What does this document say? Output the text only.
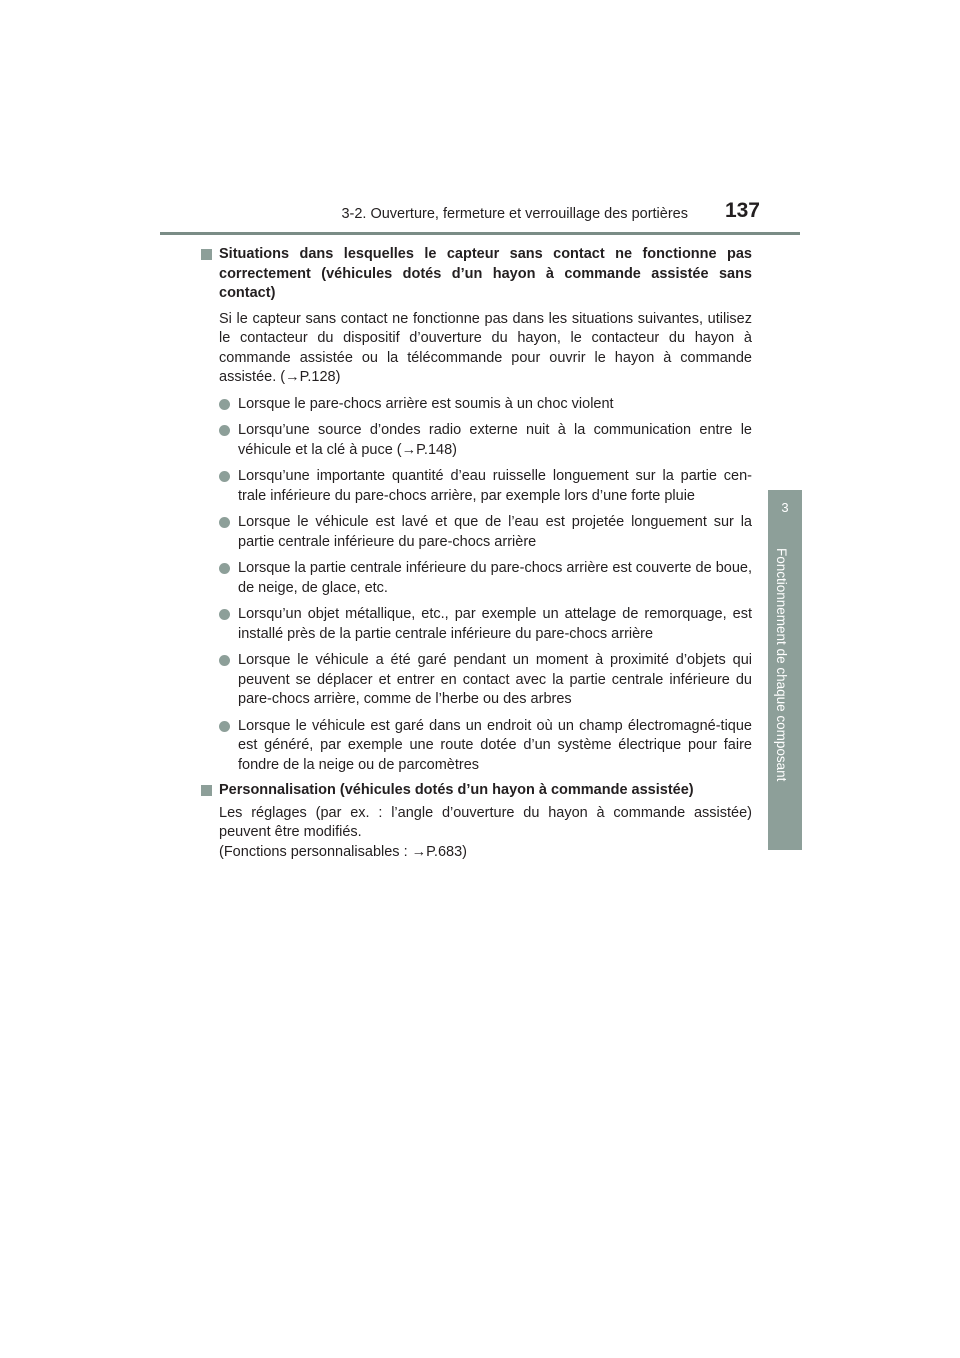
3-2. Ouverture, fermeture et verrouillage des portières	137
3
Fonctionnement de chaque composant

Situations dans lesquelles le capteur sans contact ne fonctionne pas correctement (véhicules dotés d’un hayon à commande assistée sans contact)

Si le capteur sans contact ne fonctionne pas dans les situations suivantes, utilisez le contacteur du dispositif d’ouverture du hayon, le contacteur du hayon à commande assistée ou la télécommande pour ouvrir le hayon à commande assistée. (→P.128)

Lorsque le pare-chocs arrière est soumis à un choc violent
Lorsqu’une source d’ondes radio externe nuit à la communication entre le véhicule et la clé à puce (→P.148)
Lorsqu’une importante quantité d’eau ruisselle longuement sur la partie cen-trale inférieure du pare-chocs arrière, par exemple lors d’une forte pluie
Lorsque le véhicule est lavé et que de l’eau est projetée longuement sur la partie centrale inférieure du pare-chocs arrière
Lorsque la partie centrale inférieure du pare-chocs arrière est couverte de boue, de neige, de glace, etc.
Lorsqu’un objet métallique, etc., par exemple un attelage de remorquage, est installé près de la partie centrale inférieure du pare-chocs arrière
Lorsque le véhicule a été garé pendant un moment à proximité d’objets qui peuvent se déplacer et entrer en contact avec la partie centrale inférieure du pare-chocs arrière, comme de l’herbe ou des arbres
Lorsque le véhicule est garé dans un endroit où un champ électromagné-tique est généré, par exemple une route dotée d’un système électrique pour faire fondre de la neige ou de parcomètres

Personnalisation (véhicules dotés d’un hayon à commande assistée)

Les réglages (par ex. : l’angle d’ouverture du hayon à commande assistée) peuvent être modifiés.

(Fonctions personnalisables : →P.683)
